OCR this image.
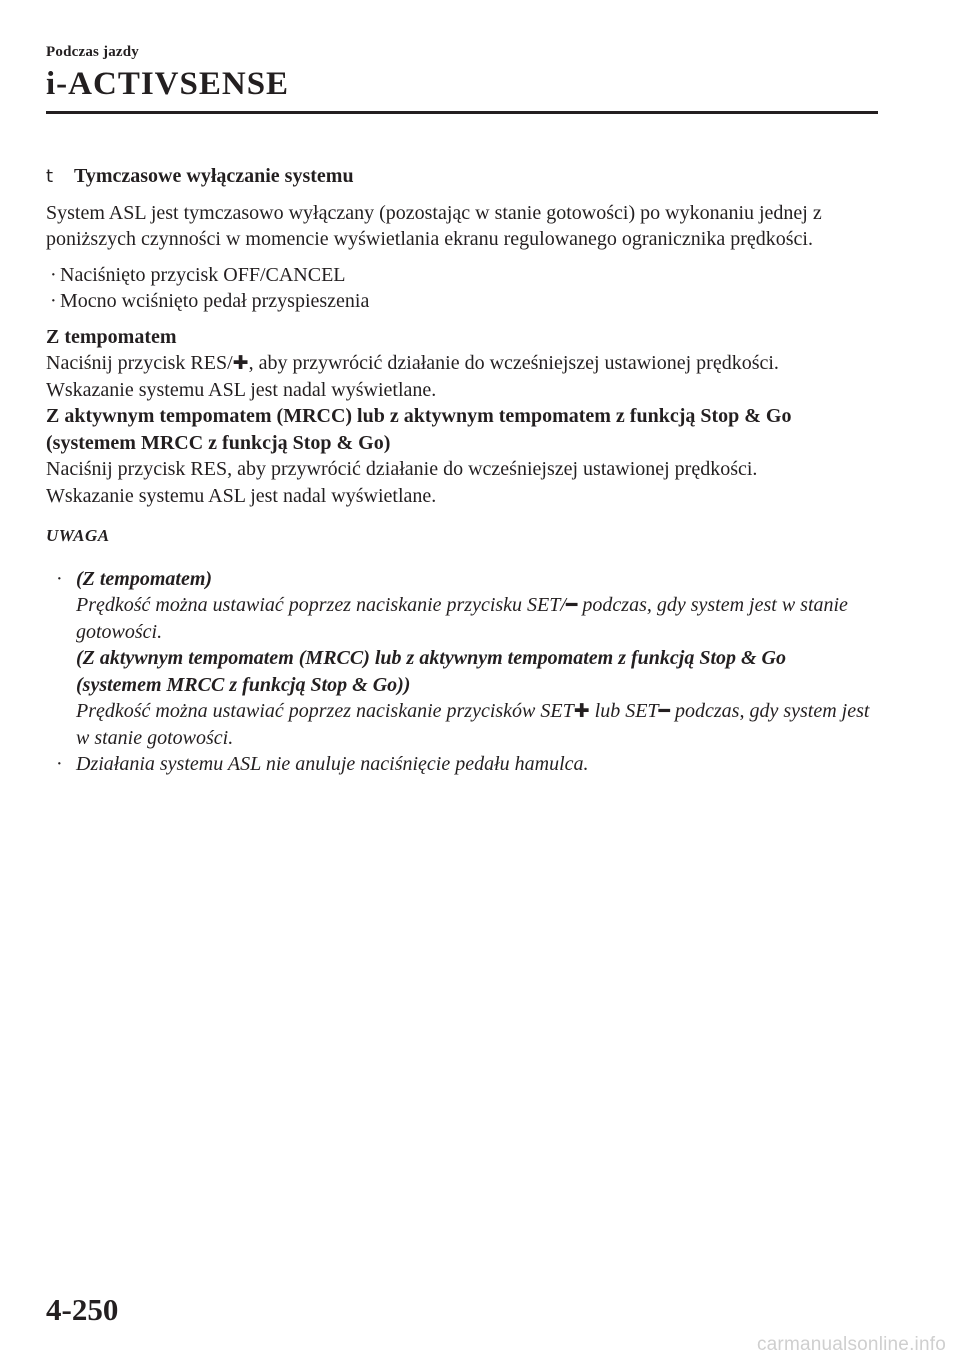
Podczas jazdy
i-ACTIVSENSE
t	Tymczasowe wyłączanie systemu

System ASL jest tymczasowo wyłączany (pozostając w stanie gotowości) po wykonaniu jednej z poniższych czynności w momencie wyświetlania ekranu regulowanego ogranicznika prędkości.

· Naciśnięto przycisk OFF/CANCEL
· Mocno wciśnięto pedał przyspieszenia

Z tempomatem

Naciśnij przycisk RES/✚, aby przywrócić działanie do wcześniejszej ustawionej prędkości.

Wskazanie systemu ASL jest nadal wyświetlane.

Z aktywnym tempomatem (MRCC) lub z aktywnym tempomatem z funkcją Stop & Go (systemem MRCC z funkcją Stop & Go)

Naciśnij przycisk RES, aby przywrócić działanie do wcześniejszej ustawionej prędkości.

Wskazanie systemu ASL jest nadal wyświetlane.

UWAGA
· (Z tempomatem)
Prędkość można ustawiać poprzez naciskanie przycisku SET/━ podczas, gdy system jest w stanie gotowości.
(Z aktywnym tempomatem (MRCC) lub z aktywnym tempomatem z funkcją Stop & Go (systemem MRCC z funkcją Stop & Go))
Prędkość można ustawiać poprzez naciskanie przycisków SET✚ lub SET━ podczas, gdy system jest w stanie gotowości.
· Działania systemu ASL nie anuluje naciśnięcie pedału hamulca.
4-250
carmanualsonline.info
